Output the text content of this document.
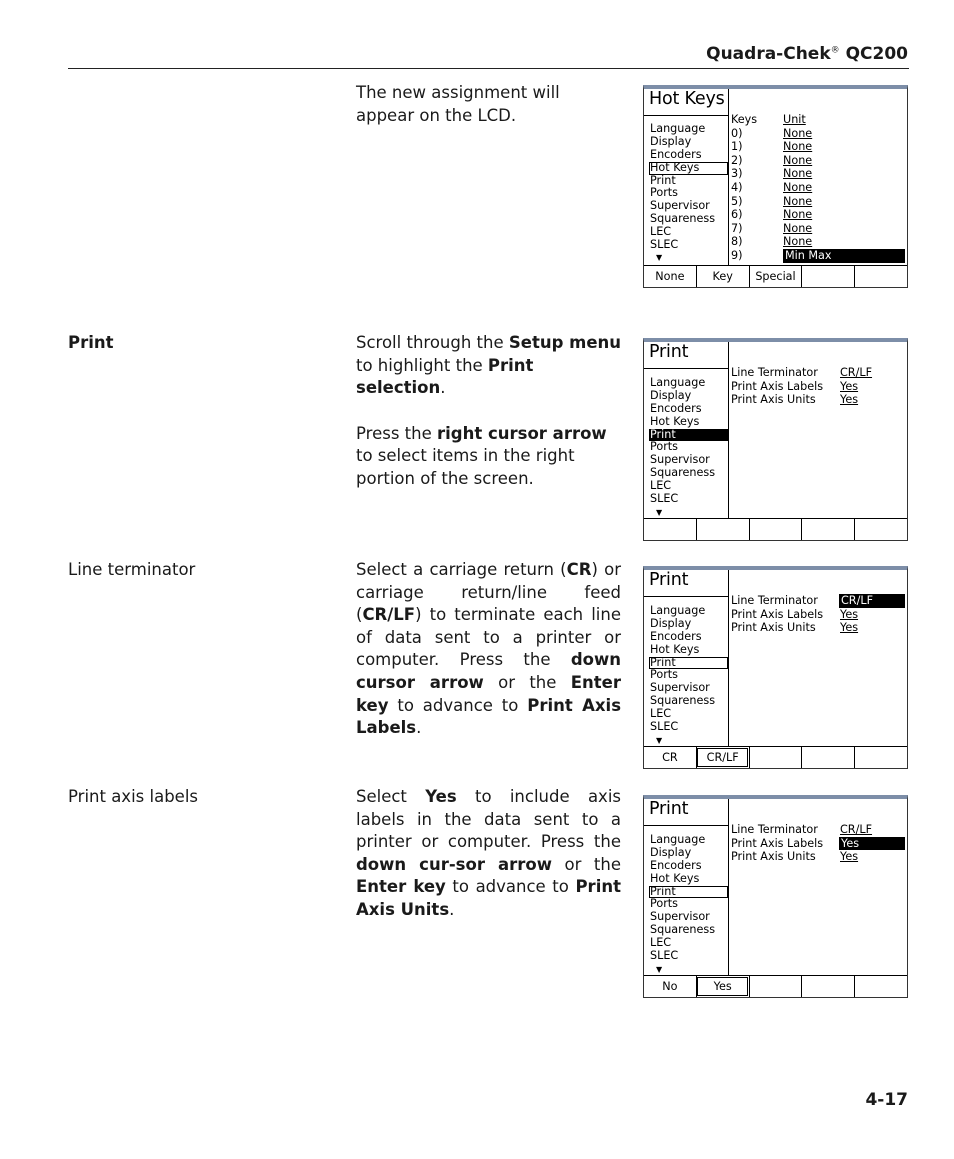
Quadra-Chek® QC200
The new assignment will appear on the LCD.
Hot Keys
Language
Display
Encoders
Hot Keys
Print
Ports
Supervisor
Squareness
LEC
SLEC
▼
Keys Unit
0)	None
1)	None
2)	None
3)	None
4)	None
5)	None
6)	None
7)	None
8)	None
9)	Min Max
None	Key	Special
Print	Scroll through the Setup menu to highlight the Print selection.

Press the right cursor arrow to select items in the right portion of the screen.

Print
Language
Display
Encoders
Hot Keys
Print
Ports
Supervisor
Squareness
LEC
SLEC
▼
Line Terminator CR/LF
Print Axis Labels Yes
Print Axis Units Yes
Line terminator	Select a carriage return (CR) or carriage return/line feed (CR/LF) to terminate each line of data sent to a printer or computer. Press the down cursor arrow or the Enter key to advance to Print Axis Labels.
Print
Language
Display
Encoders
Hot Keys
Print
Ports
Supervisor
Squareness
LEC
SLEC
▼
Line Terminator CR/LF
Print Axis Labels Yes
Print Axis Units Yes
CR	CR/LF
Print axis labels	Select Yes to include axis labels in the data sent to a printer or computer. Press the down cur-sor arrow or the Enter key to advance to Print Axis Units.
Print
Language
Display
Encoders
Hot Keys
Print
Ports
Supervisor
Squareness
LEC
SLEC
▼
Line Terminator CR/LF
Print Axis Labels Yes
Print Axis Units Yes
No	Yes
4-17
